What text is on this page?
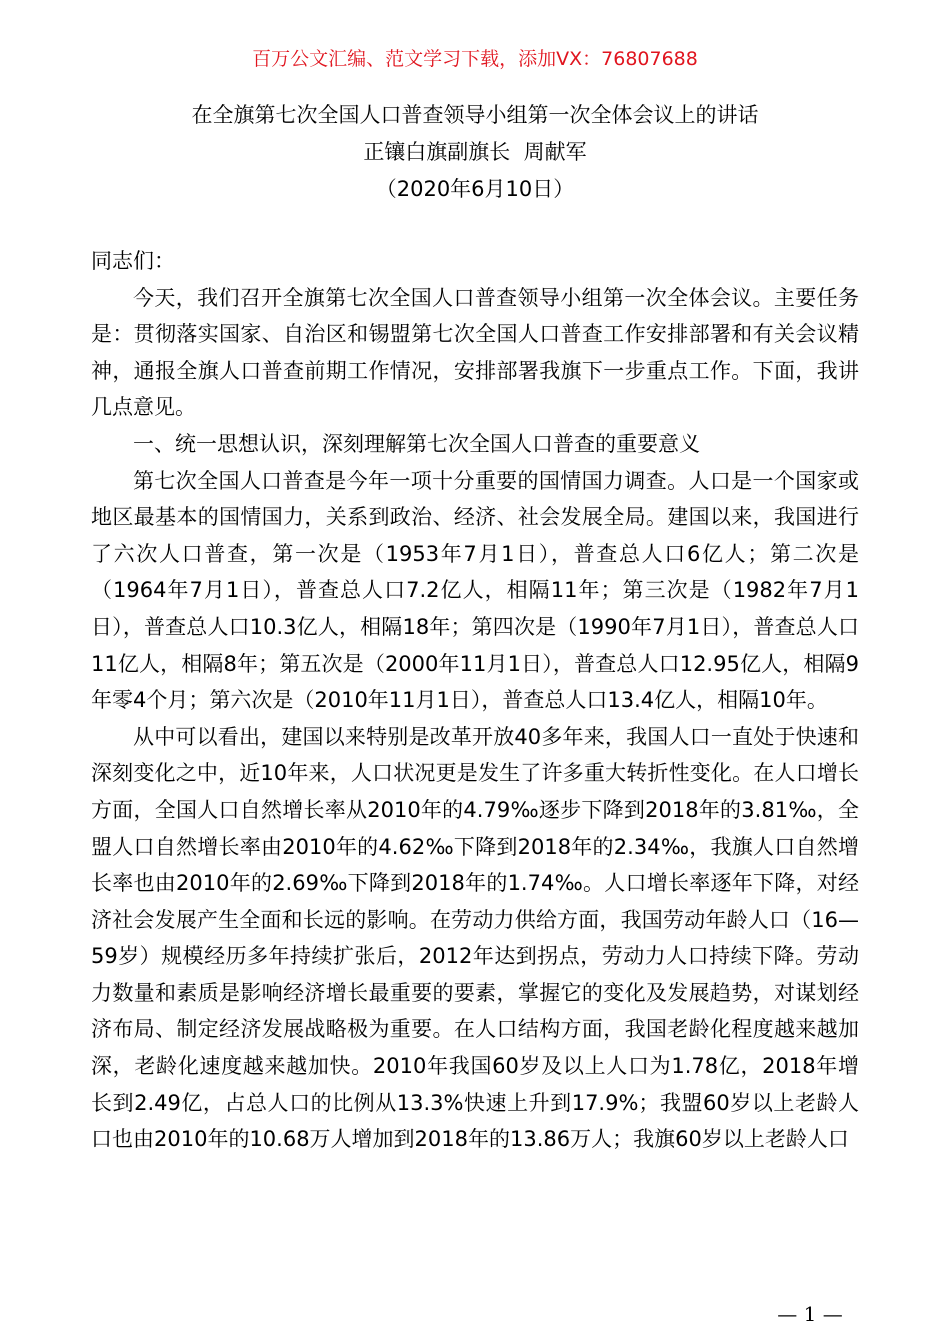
百万公文汇编、范文学习下载，添加VX：76807688
在全旗第七次全国人口普查领导小组第一次全体会议上的讲话
正镶白旗副旗长  周献军
（2020年6月10日）

同志们：

今天，我们召开全旗第七次全国人口普查领导小组第一次全体会议。主要任务是：贯彻落实国家、自治区和锡盟第七次全国人口普查工作安排部署和有关会议精神，通报全旗人口普查前期工作情况，安排部署我旗下一步重点工作。下面，我讲几点意见。

一、统一思想认识，深刻理解第七次全国人口普查的重要意义

第七次全国人口普查是今年一项十分重要的国情国力调查。人口是一个国家或地区最基本的国情国力，关系到政治、经济、社会发展全局。建国以来，我国进行了六次人口普查，第一次是（1953年7月1日），普查总人口6亿人；第二次是（1964年7月1日），普查总人口7.2亿人，相隔11年；第三次是（1982年7月1日），普查总人口10.3亿人，相隔18年；第四次是（1990年7月1日），普查总人口11亿人，相隔8年；第五次是（2000年11月1日），普查总人口12.95亿人，相隔9年零4个月；第六次是（2010年11月1日），普查总人口13.4亿人，相隔10年。

从中可以看出，建国以来特别是改革开放40多年来，我国人口一直处于快速和深刻变化之中，近10年来，人口状况更是发生了许多重大转折性变化。在人口增长方面，全国人口自然增长率从2010年的4.79‰逐步下降到2018年的3.81‰，全盟人口自然增长率由2010年的4.62‰下降到2018年的2.34‰，我旗人口自然增长率也由2010年的2.69‰下降到2018年的1.74‰。人口增长率逐年下降，对经济社会发展产生全面和长远的影响。在劳动力供给方面，我国劳动年龄人口（16—59岁）规模经历多年持续扩张后，2012年达到拐点，劳动力人口持续下降。劳动力数量和素质是影响经济增长最重要的要素，掌握它的变化及发展趋势，对谋划经济布局、制定经济发展战略极为重要。在人口结构方面，我国老龄化程度越来越加深，老龄化速度越来越加快。2010年我国60岁及以上人口为1.78亿，2018年增长到2.49亿，占总人口的比例从13.3%快速上升到17.9%；我盟60岁以上老龄人口也由2010年的10.68万人增加到2018年的13.86万人；我旗60岁以上老龄人口

— 1 —
